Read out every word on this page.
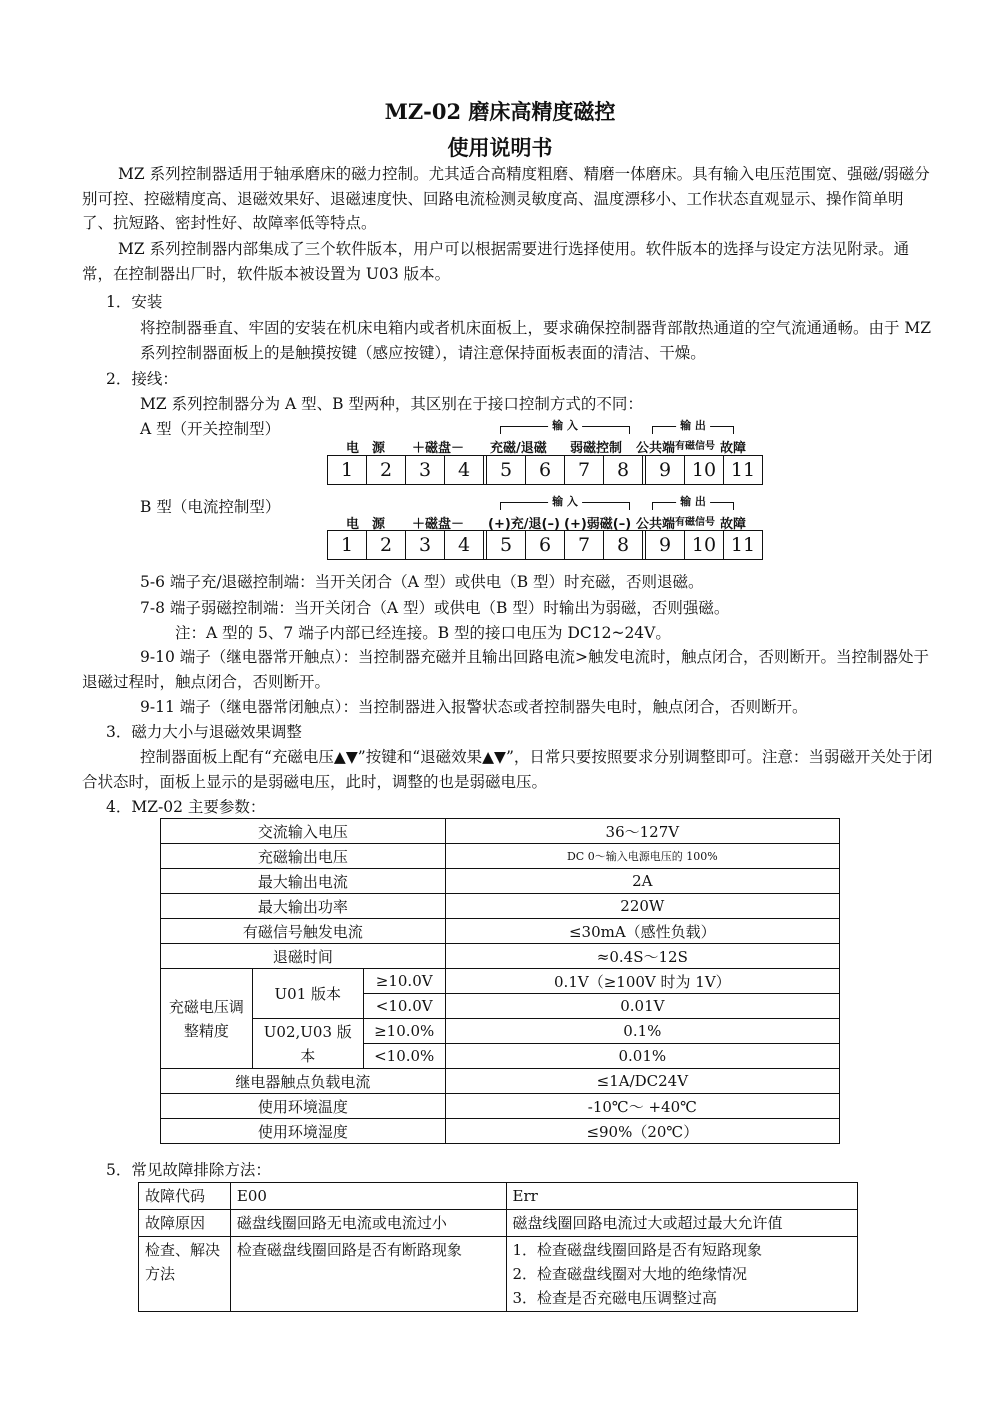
MZ-02 磨床高精度磁控
使用说明书

MZ 系列控制器适用于轴承磨床的磁力控制。尤其适合高精度粗磨、精磨一体磨床。具有输入电压范围宽、强磁/弱磁分别可控、控磁精度高、退磁效果好、退磁速度快、回路电流检测灵敏度高、温度漂移小、工作状态直观显示、操作简单明了、抗短路、密封性好、故障率低等特点。

MZ 系列控制器内部集成了三个软件版本，用户可以根据需要进行选择使用。软件版本的选择与设定方法见附录。通常，在控制器出厂时，软件版本被设置为 U03 版本。

1．安装

将控制器垂直、牢固的安装在机床电箱内或者机床面板上，要求确保控制器背部散热通道的空气流通通畅。由于 MZ 系列控制器面板上的是触摸按键（感应按键），请注意保持面板表面的清洁、干燥。

2．接线：
MZ 系列控制器分为 A 型、B 型两种，其区别在于接口控制方式的不同：
A 型（开关控制型）
电　源 ＋磁盘－
输 入	输 出
充磁/退磁 弱磁控制 公共端 有磁信号 故障
1	2	3	4	5	6	7	8	9	10 11
B 型（电流控制型）
电　源 ＋磁盘－
输 入	输 出
(+)充/退(–) (+)弱磁(–) 公共端 有磁信号 故障
1	2	3	4	5	6	7	8	9	10 11
5-6 端子充/退磁控制端：当开关闭合（A 型）或供电（B 型）时充磁，否则退磁。
7-8 端子弱磁控制端：当开关闭合（A 型）或供电（B 型）时输出为弱磁，否则强磁。
注：A 型的 5、7 端子内部已经连接。B 型的接口电压为 DC12~24V。

9-10 端子（继电器常开触点）：当控制器充磁并且输出回路电流>触发电流时，触点闭合，否则断开。当控制器处于退磁过程时，触点闭合，否则断开。

9-11 端子（继电器常闭触点）：当控制器进入报警状态或者控制器失电时，触点闭合，否则断开。
3．磁力大小与退磁效果调整

控制器面板上配有“充磁电压▲▼”按键和“退磁效果▲▼”，日常只要按照要求分别调整即可。注意：当弱磁开关处于闭合状态时，面板上显示的是弱磁电压，此时，调整的也是弱磁电压。

4．MZ-02 主要参数：
交流输入电压			36～127V
充磁输出电压			DC 0～输入电源电压的 100%
最大输出电流			2A
最大输出功率			220W
有磁信号触发电流			≤30mA（感性负载）
退磁时间			≈0.4S～12S
充磁电压调整精度	U01 版本	≥10.0V	0.1V（≥100V 时为 1V）
		<10.0V	0.01V
	U02,U03 版本	≥10.0%	0.1%
		<10.0%	0.01%
继电器触点负载电流			≤1A/DC24V
使用环境温度			-10℃～ +40℃
使用环境湿度			≤90%（20℃）
5．常见故障排除方法：
故障代码	E00	Err
故障原因	磁盘线圈回路无电流或电流过小	磁盘线圈回路电流过大或超过最大允许值
检查、解决方法	检查磁盘线圈回路是否有断路现象	1．检查磁盘线圈回路是否有短路现象
2．检查磁盘线圈对大地的绝缘情况
3．检查是否充磁电压调整过高
